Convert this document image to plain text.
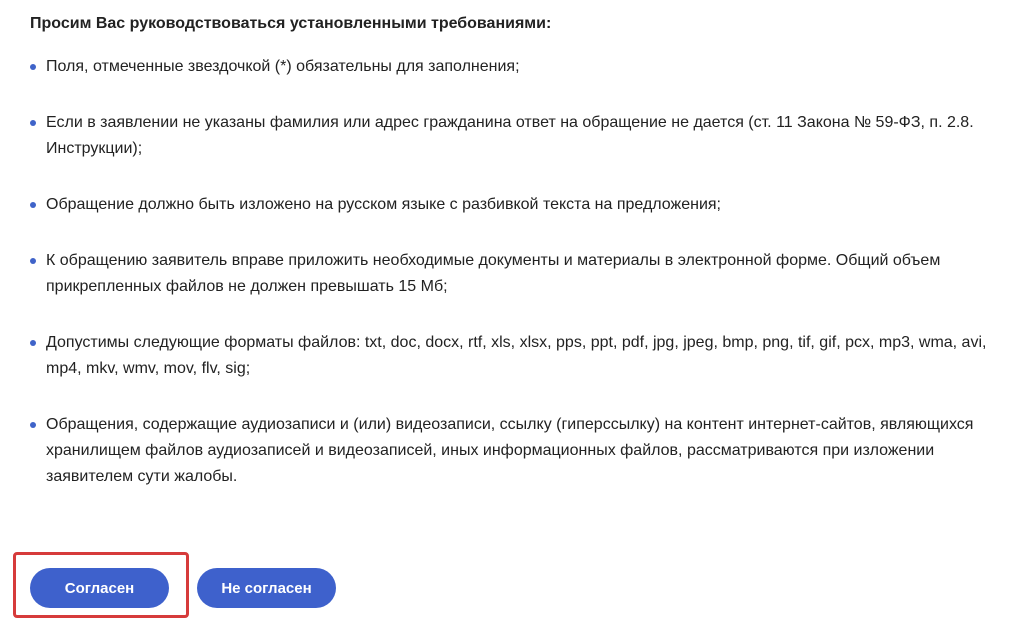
Просим Вас руководствоваться установленными требованиями:
Поля, отмеченные звездочкой (*) обязательны для заполнения;
Если в заявлении не указаны фамилия или адрес гражданина ответ на обращение не дается (ст. 11 Закона № 59-ФЗ, п. 2.8. Инструкции);
Обращение должно быть изложено на русском языке с разбивкой текста на предложения;
К обращению заявитель вправе приложить необходимые документы и материалы в электронной форме. Общий объем прикрепленных файлов не должен превышать 15 Мб;
Допустимы следующие форматы файлов: txt, doc, docx, rtf, xls, xlsx, pps, ppt, pdf, jpg, jpeg, bmp, png, tif, gif, pcx, mp3, wma, avi, mp4, mkv, wmv, mov, flv, sig;
Обращения, содержащие аудиозаписи и (или) видеозаписи, ссылку (гиперссылку) на контент интернет-сайтов, являющихся хранилищем файлов аудиозаписей и видеозаписей, иных информационных файлов, рассматриваются при изложении заявителем сути жалобы.
Согласен	Не согласен
